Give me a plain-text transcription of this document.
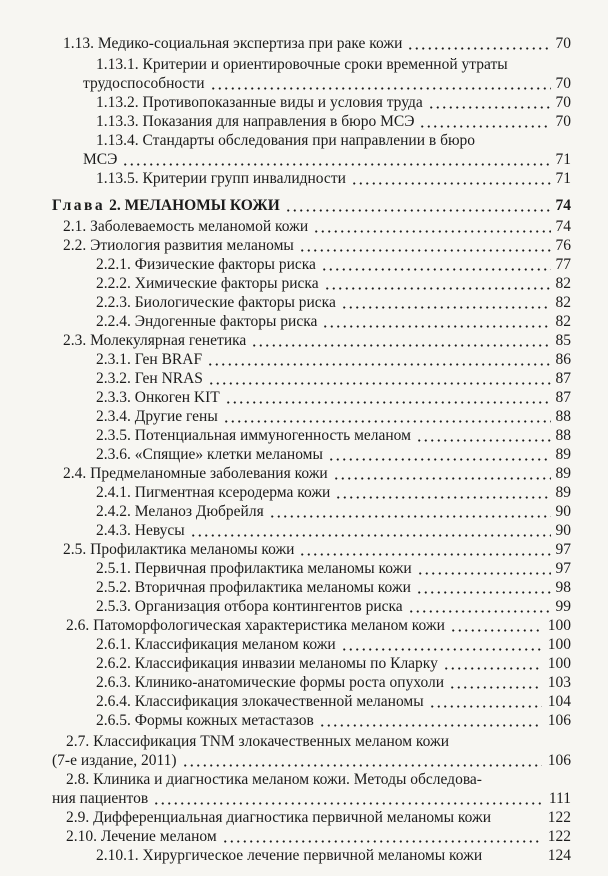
1.13. Медико-социальная экспертиза при раке кожи	70
1.13.1. Критерии и ориентировочные сроки временной утраты
трудоспособности	70
1.13.2. Противопоказанные виды и условия труда	70
1.13.3. Показания для направления в бюро МСЭ	70
1.13.4. Стандарты обследования при направлении в бюро
МСЭ	71
1.13.5. Критерии групп инвалидности	71
Глава 2. МЕЛАНОМЫ КОЖИ	74
2.1. Заболеваемость меланомой кожи	74
2.2. Этиология развития меланомы	76
2.2.1. Физические факторы риска	77
2.2.2. Химические факторы риска	82
2.2.3. Биологические факторы риска	82
2.2.4. Эндогенные факторы риска	82
2.3. Молекулярная генетика	85
2.3.1. Ген BRAF	86
2.3.2. Ген NRAS	87
2.3.3. Онкоген KIT	87
2.3.4. Другие гены	88
2.3.5. Потенциальная иммуногенность меланом	88
2.3.6. «Спящие» клетки меланомы	89
2.4. Предмеланомные заболевания кожи	89
2.4.1. Пигментная ксеродерма кожи	89
2.4.2. Меланоз Дюбрейля	90
2.4.3. Невусы	90
2.5. Профилактика меланомы кожи	97
2.5.1. Первичная профилактика меланомы кожи	97
2.5.2. Вторичная профилактика меланомы кожи	98
2.5.3. Организация отбора контингентов риска	99
2.6. Патоморфологическая характеристика меланом кожи	100
2.6.1. Классификация меланом кожи	100
2.6.2. Классификация инвазии меланомы по Кларку	100
2.6.3. Клинико-анатомические формы роста опухоли	103
2.6.4. Классификация злокачественной меланомы	104
2.6.5. Формы кожных метастазов	106
2.7. Классификация TNM злокачественных меланом кожи
(7-е издание, 2011)	106
2.8. Клиника и диагностика меланом кожи. Методы обследова-
ния пациентов	111
2.9. Дифференциальная диагностика первичной меланомы кожи	122
2.10. Лечение меланом	122
2.10.1. Хирургическое лечение первичной меланомы кожи	124
